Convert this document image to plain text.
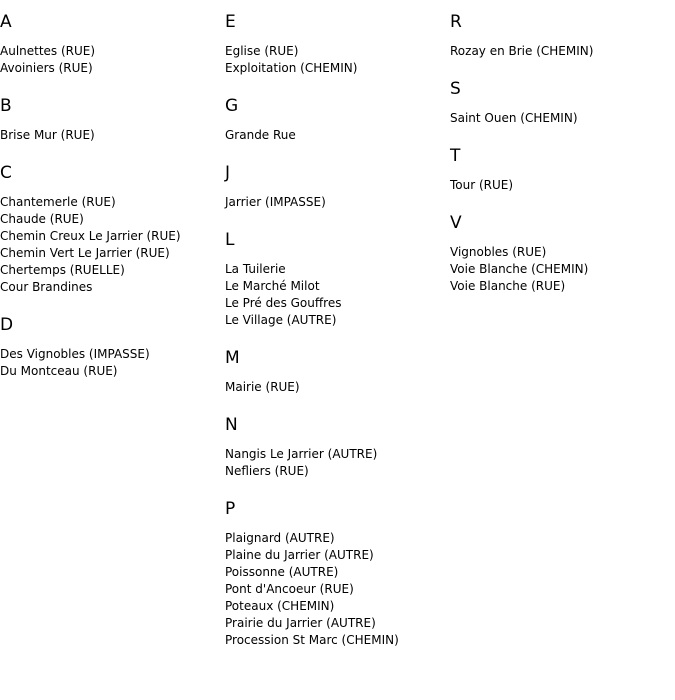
A
Aulnettes (RUE)
Avoiniers (RUE)
B
Brise Mur (RUE)
C
Chantemerle (RUE)
Chaude (RUE)
Chemin Creux Le Jarrier (RUE)
Chemin Vert Le Jarrier (RUE)
Chertemps (RUELLE)
Cour Brandines
D
Des Vignobles (IMPASSE)
Du Montceau (RUE)
E
Eglise (RUE)
Exploitation (CHEMIN)
G
Grande Rue
J
Jarrier (IMPASSE)
L
La Tuilerie
Le Marché Milot
Le Pré des Gouffres
Le Village (AUTRE)
M
Mairie (RUE)
N
Nangis Le Jarrier (AUTRE)
Nefliers (RUE)
P
Plaignard (AUTRE)
Plaine du Jarrier (AUTRE)
Poissonne (AUTRE)
Pont d'Ancoeur (RUE)
Poteaux (CHEMIN)
Prairie du Jarrier (AUTRE)
Procession St Marc (CHEMIN)
R
Rozay en Brie (CHEMIN)
S
Saint Ouen (CHEMIN)
T
Tour (RUE)
V
Vignobles (RUE)
Voie Blanche (CHEMIN)
Voie Blanche (RUE)
